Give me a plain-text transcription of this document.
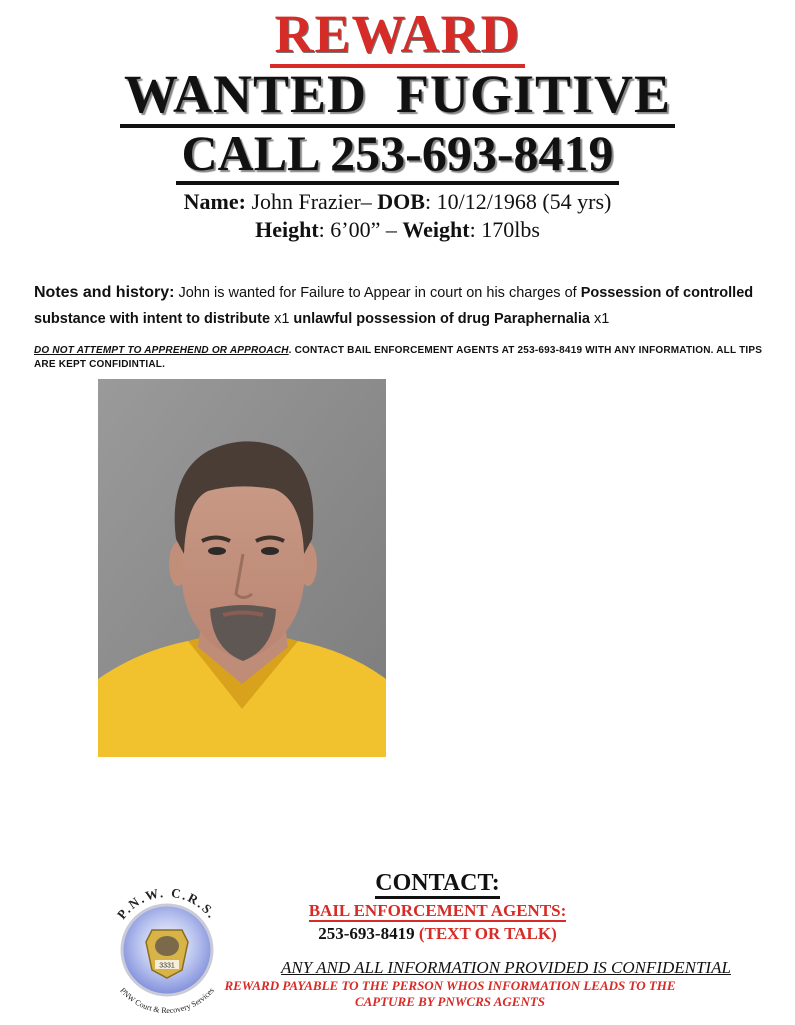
REWARD
WANTED  FUGITIVE
CALL 253-693-8419
Name: John Frazier– DOB: 10/12/1968 (54 yrs)
Height: 6’00” – Weight: 170lbs
Notes and history: John is wanted for Failure to Appear in court on his charges of Possession of controlled substance with intent to distribute x1 unlawful possession of drug Paraphernalia x1
DO NOT ATTEMPT TO APPREHEND OR APPROACH. CONTACT BAIL ENFORCEMENT AGENTS AT 253-693-8419 WITH ANY INFORMATION. ALL TIPS ARE KEPT CONFIDINTIAL.
P.N.W. C.R.S.
PNW Court & Recovery Services
3331
CONTACT:
BAIL ENFORCEMENT AGENTS:
253-693-8419 (TEXT OR TALK)
ANY AND ALL INFORMATION PROVIDED IS CONFIDENTIAL
REWARD PAYABLE TO THE PERSON WHOS INFORMATION LEADS TO THE
CAPTURE BY PNWCRS AGENTS
